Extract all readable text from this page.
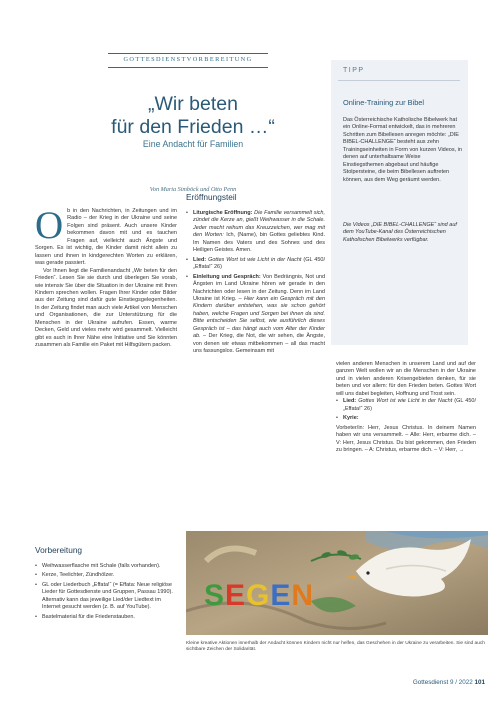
GOTTESDIENSTVORBEREITUNG
„Wir beten
für den Frieden …“
Eine Andacht für Familien
Von Maria Simböck und Otto Penn

Ob in den Nachrichten, in Zeitungen und im Radio – der Krieg in der Ukraine und seine Folgen sind präsent. Auch unsere Kinder bekommen davon mit und es tauchen Fragen auf, vielleicht auch Ängste und Sorgen. Es ist wichtig, die Kinder damit nicht allein zu lassen und ihnen in kindgerechten Worten zu erklären, was gerade passiert.

Vor Ihnen liegt die Familienandacht „Wir beten für den Frieden“. Lesen Sie sie durch und überlegen Sie vorab, wie intensiv Sie über die Situation in der Ukraine mit Ihren Kindern sprechen wollen. Fragen Ihrer Kinder oder Bilder aus der Zeitung sind dafür gute Einstiegsgelegenheiten. In der Zeitung findet man auch viele Artikel von Menschen und Organisationen, die zur Unterstützung für die Menschen in der Ukraine aufrufen. Essen, warme Decken, Geld und vieles mehr wird gesammelt. Vielleicht gibt es auch in Ihrer Nähe eine Initiative und Sie könnten zusammen als Familie ein Paket mit Hilfsgütern packen.

Vorbereitung

• Weihwasserflasche mit Schale (falls vorhanden).

• Kerze, Teelichter, Zündhölzer.

• GL oder Liederbuch „Effata!“ (= Effata: Neue religiöse Lieder für Gottesdienste und Gruppen, Passau 1990). Alternativ kann das jeweilige Lied/der Liedtext im Internet gesucht werden (z. B. auf YouTube).

• Bastelmaterial für die Friedenstauben.

Eröffnungsteil

• Liturgische Eröffnung: Die Familie versammelt sich, zündet die Kerze an, gießt Weihwasser in die Schale. Jeder macht reihum das Kreuzzeichen, wer mag mit den Worten: Ich, (Name), bin Gottes geliebtes Kind. Im Namen des Vaters und des Sohnes und des Heiligen Geistes. Amen.

• Lied: Gottes Wort ist wie Licht in der Nacht (GL 450/„Effata!“ 26)

• Einleitung und Gespräch: Von Bedrängnis, Not und Ängsten im Land Ukraine hören wir gerade in den Nachrichten oder lesen in der Zeitung. Denn im Land Ukraine ist Krieg. – Hier kann ein Gespräch mit den Kindern darüber entstehen, was sie schon gehört haben, welche Fragen und Sorgen bei ihnen da sind. Bitte entscheiden Sie selbst, wie ausführlich dieses Gespräch ist – das hängt auch vom Alter der Kinder ab. – Der Krieg, die Not, die wir sehen, die Ängste, von denen wir etwas mitbekommen – all das macht uns fassungslos. Gemeinsam mit

vielen anderen Menschen in unserem Land und auf der ganzen Welt wollen wir an die Menschen in der Ukraine und in vielen anderen Krisengebieten denken, für sie beten und vor allem: für den Frieden beten. Gottes Wort will uns dabei begleiten, Hoffnung und Trost sein.

• Lied: Gottes Wort ist wie Licht in der Nacht (GL 450/„Effata!“ 26)

• Kyrie:

Vorbeter/in: Herr, Jesus Christus. In deinem Namen haben wir uns versammelt. – Alle: Herr, erbarme dich. – V: Herr, Jesus Christus. Du bist gekommen, den Frieden zu bringen. – A: Christus, erbarme dich. – V: Herr, →

TIPP
Online-Training zur Bibel
Das Österreichische Katholische Bibelwerk hat ein Online-Format entwickelt, das in mehreren Schritten zum Bibellesen anregen möchte: „DIE BIBEL-CHALLENGE“ besteht aus zehn Trainingseinheiten in Form von kurzen Videos, in denen auf unterhaltsame Weise Einstiegsthemen abgebaut und häufige Stolpersteine, die beim Bibellesen auftreten können, aus dem Weg geräumt werden.
Die Videos „DIE BIBEL-CHALLENGE“ sind auf dem YouTube-Kanal des Österreichischen Katholischen Bibelwerks verfügbar.
SEGEN
Kleine kreative Aktionen innerhalb der Andacht können Kindern nicht nur helfen, das Geschehen in der Ukraine zu verarbeiten. Sie sind auch sichtbare Zeichen der Solidarität.
Gottesdienst 9 / 2022 101
